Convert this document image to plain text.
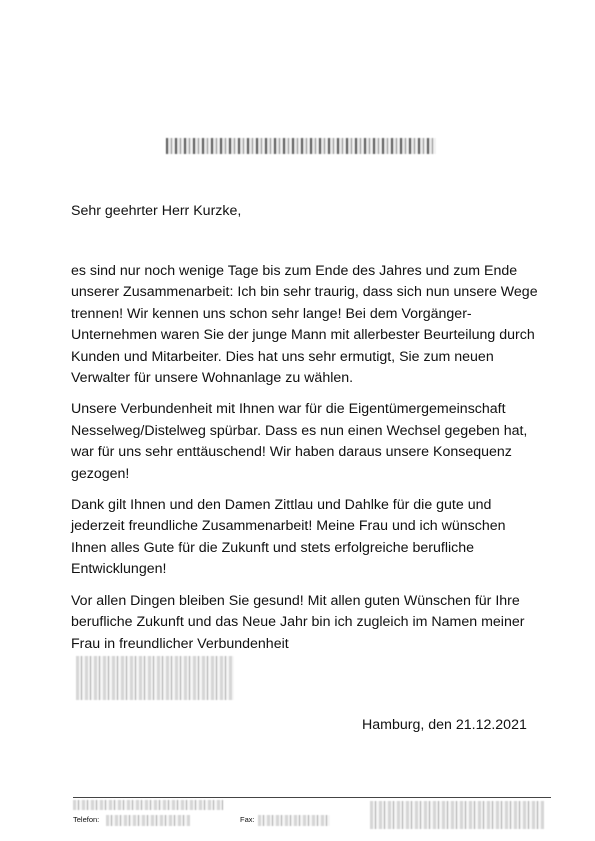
Sehr geehrter Herr Kurzke,

es sind nur noch wenige Tage bis zum Ende des Jahres und zum Ende unserer Zusammenarbeit: Ich bin sehr traurig, dass sich nun unsere Wege trennen! Wir kennen uns schon sehr lange! Bei dem Vorgänger-Unternehmen waren Sie der junge Mann mit allerbester Beurteilung durch Kunden und Mitarbeiter. Dies hat uns sehr ermutigt, Sie zum neuen Verwalter für unsere Wohnanlage zu wählen.

Unsere Verbundenheit mit Ihnen war für die Eigentümergemeinschaft Nesselweg/Distelweg spürbar. Dass es nun einen Wechsel gegeben hat, war für uns sehr enttäuschend! Wir haben daraus unsere Konsequenz gezogen!

Dank gilt Ihnen und den Damen Zittlau und Dahlke für die gute und jederzeit freundliche Zusammenarbeit! Meine Frau und ich wünschen Ihnen alles Gute für die Zukunft und stets erfolgreiche berufliche Entwicklungen!

Vor allen Dingen bleiben Sie gesund! Mit allen guten Wünschen für Ihre berufliche Zukunft und das Neue Jahr bin ich zugleich im Namen meiner Frau in freundlicher Verbundenheit

Hamburg, den 21.12.2021

Telefon:	Fax:
